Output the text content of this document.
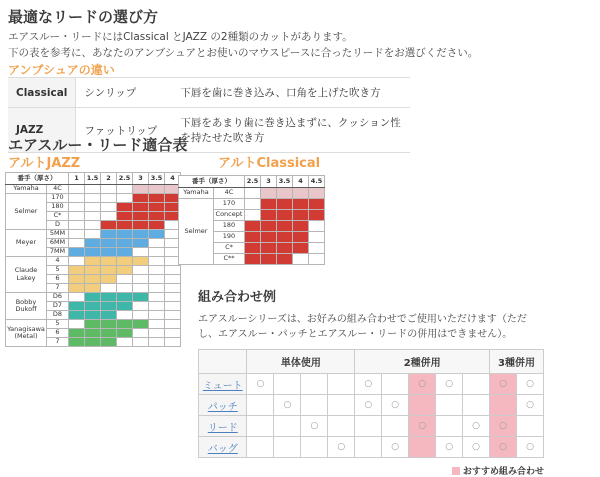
最適なリードの選び方
エアスルー・リードにはClassical とJAZZ の2種類のカットがあります。
下の表を参考に、あなたのアンブシュアとお使いのマウスピースに合ったリードをお選びください。
アンブシュアの違い
Classical	シンリップ	下唇を歯に巻き込み、口角を上げた吹き方
JAZZ	ファットリップ	下唇をあまり歯に巻き込まずに、クッション性を持たせた吹き方
エアスルー・リード適合表
アルトJAZZ	アルトClassical
番手（厚さ）		1	1.5	2	2.5	3	3.5	4
Yamaha	4C							
Selmer	170							
	180							
	C*							
	D							
Meyer	5MM							
	6MM							
	7MM							
Claude Lakey	4							
	5							
	6							
	7							
Bobby Dukoff	D6							
	D7							
	D8							
Yanagisawa (Metal)	5							
	6							
	7							
番手（厚さ）		2.5	3	3.5	4	4.5
Yamaha	4C					
Selmer	170					
	Concept					
	180					
	190					
	C*					
	C**					
組み合わせ例
エアスルーシリーズは、お好みの組み合わせでご使用いただけます（ただし、エアスルー・パッチとエアスルー・リードの併用はできません）。
	単体使用				2種併用					3種併用	
ミュート	○				○		○	○		○	○
パッチ		○			○	○					○
リード			○				○		○	○	
バッグ				○		○		○	○	○	○
おすすめ組み合わせ
